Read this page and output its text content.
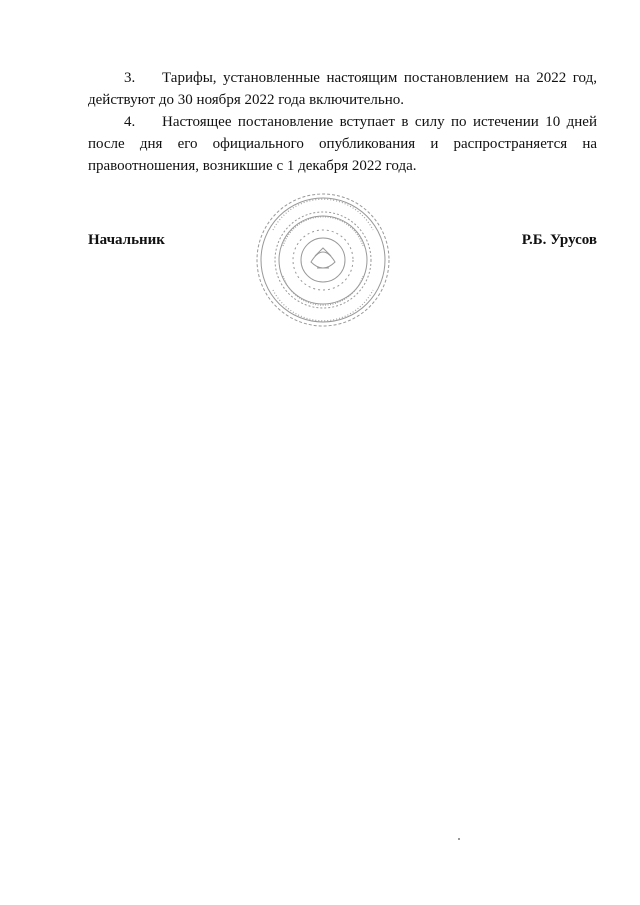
3. Тарифы, установленные настоящим постановлением на 2022 год, действуют до 30 ноября 2022 года включительно.

4. Настоящее постановление вступает в силу по истечении 10 дней после дня его официального опубликования и распространяется на правоотношения, возникшие с 1 декабря 2022 года.

Начальник	Р.Б. Урусов
